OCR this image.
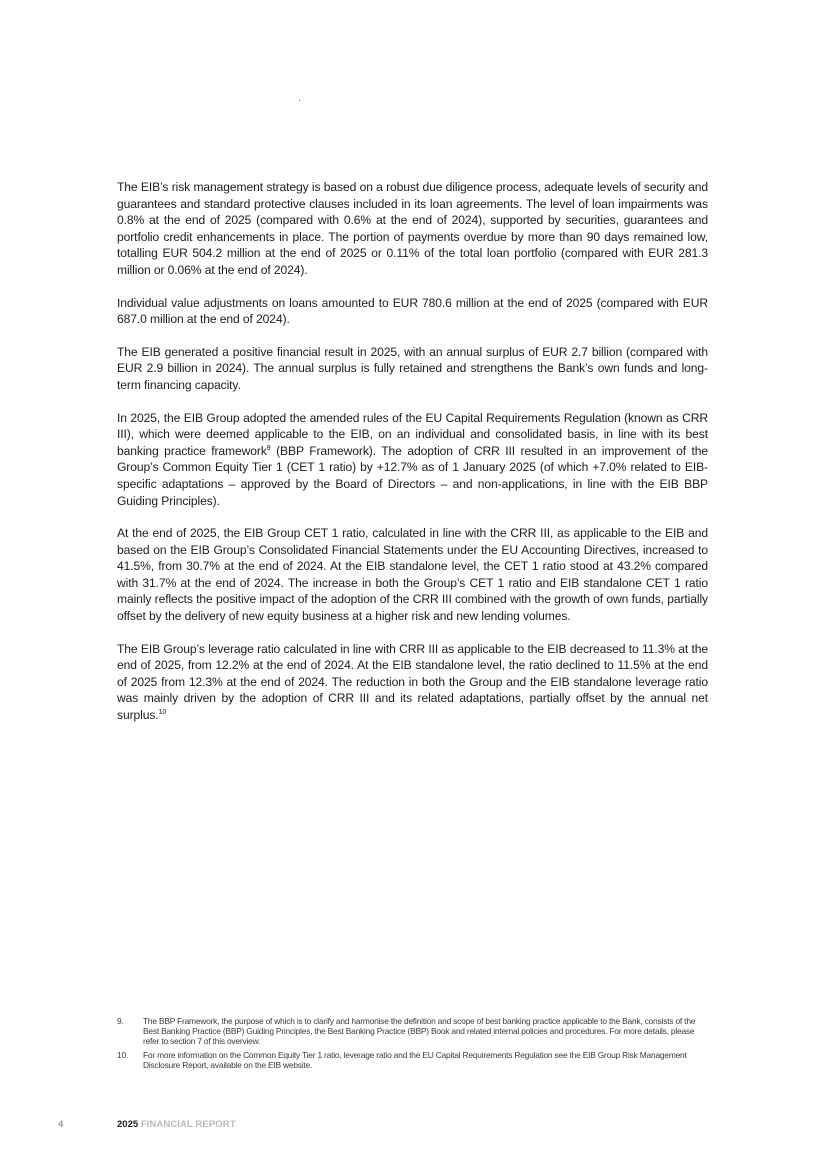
The EIB’s risk management strategy is based on a robust due diligence process, adequate levels of security and guarantees and standard protective clauses included in its loan agreements. The level of loan impairments was 0.8% at the end of 2025 (compared with 0.6% at the end of 2024), supported by securities, guarantees and portfolio credit enhancements in place. The portion of payments overdue by more than 90 days remained low, totalling EUR 504.2 million at the end of 2025 or 0.11% of the total loan portfolio (compared with EUR 281.3 million or 0.06% at the end of 2024).

Individual value adjustments on loans amounted to EUR 780.6 million at the end of 2025 (compared with EUR 687.0 million at the end of 2024).

The EIB generated a positive financial result in 2025, with an annual surplus of EUR 2.7 billion (compared with EUR 2.9 billion in 2024). The annual surplus is fully retained and strengthens the Bank’s own funds and long-term financing capacity.

In 2025, the EIB Group adopted the amended rules of the EU Capital Requirements Regulation (known as CRR III), which were deemed applicable to the EIB, on an individual and consolidated basis, in line with its best banking practice framework$^9$ (BBP Framework). The adoption of CRR III resulted in an improvement of the Group’s Common Equity Tier 1 (CET 1 ratio) by +12.7% as of 1 January 2025 (of which +7.0% related to EIB-specific adaptations – approved by the Board of Directors – and non-applications, in line with the EIB BBP Guiding Principles).

At the end of 2025, the EIB Group CET 1 ratio, calculated in line with the CRR III, as applicable to the EIB and based on the EIB Group’s Consolidated Financial Statements under the EU Accounting Directives, increased to 41.5%, from 30.7% at the end of 2024. At the EIB standalone level, the CET 1 ratio stood at 43.2% compared with 31.7% at the end of 2024. The increase in both the Group’s CET 1 ratio and EIB standalone CET 1 ratio mainly reflects the positive impact of the adoption of the CRR III combined with the growth of own funds, partially offset by the delivery of new equity business at a higher risk and new lending volumes.

The EIB Group’s leverage ratio calculated in line with CRR III as applicable to the EIB decreased to 11.3% at the end of 2025, from 12.2% at the end of 2024. At the EIB standalone level, the ratio declined to 11.5% at the end of 2025 from 12.3% at the end of 2024. The reduction in both the Group and the EIB standalone leverage ratio was mainly driven by the adoption of CRR III and its related adaptations, partially offset by the annual net surplus.$^{10}$

9.	The BBP Framework, the purpose of which is to clarify and harmonise the definition and scope of best banking practice applicable to the Bank, consists of the Best Banking Practice (BBP) Guiding Principles, the Best Banking Practice (BBP) Book and related internal policies and procedures. For more details, please refer to section 7 of this overview.
10.	For more information on the Common Equity Tier 1 ratio, leverage ratio and the EU Capital Requirements Regulation see the EIB Group Risk Management Disclosure Report, available on the EIB website.
4	2025 FINANCIAL REPORT
